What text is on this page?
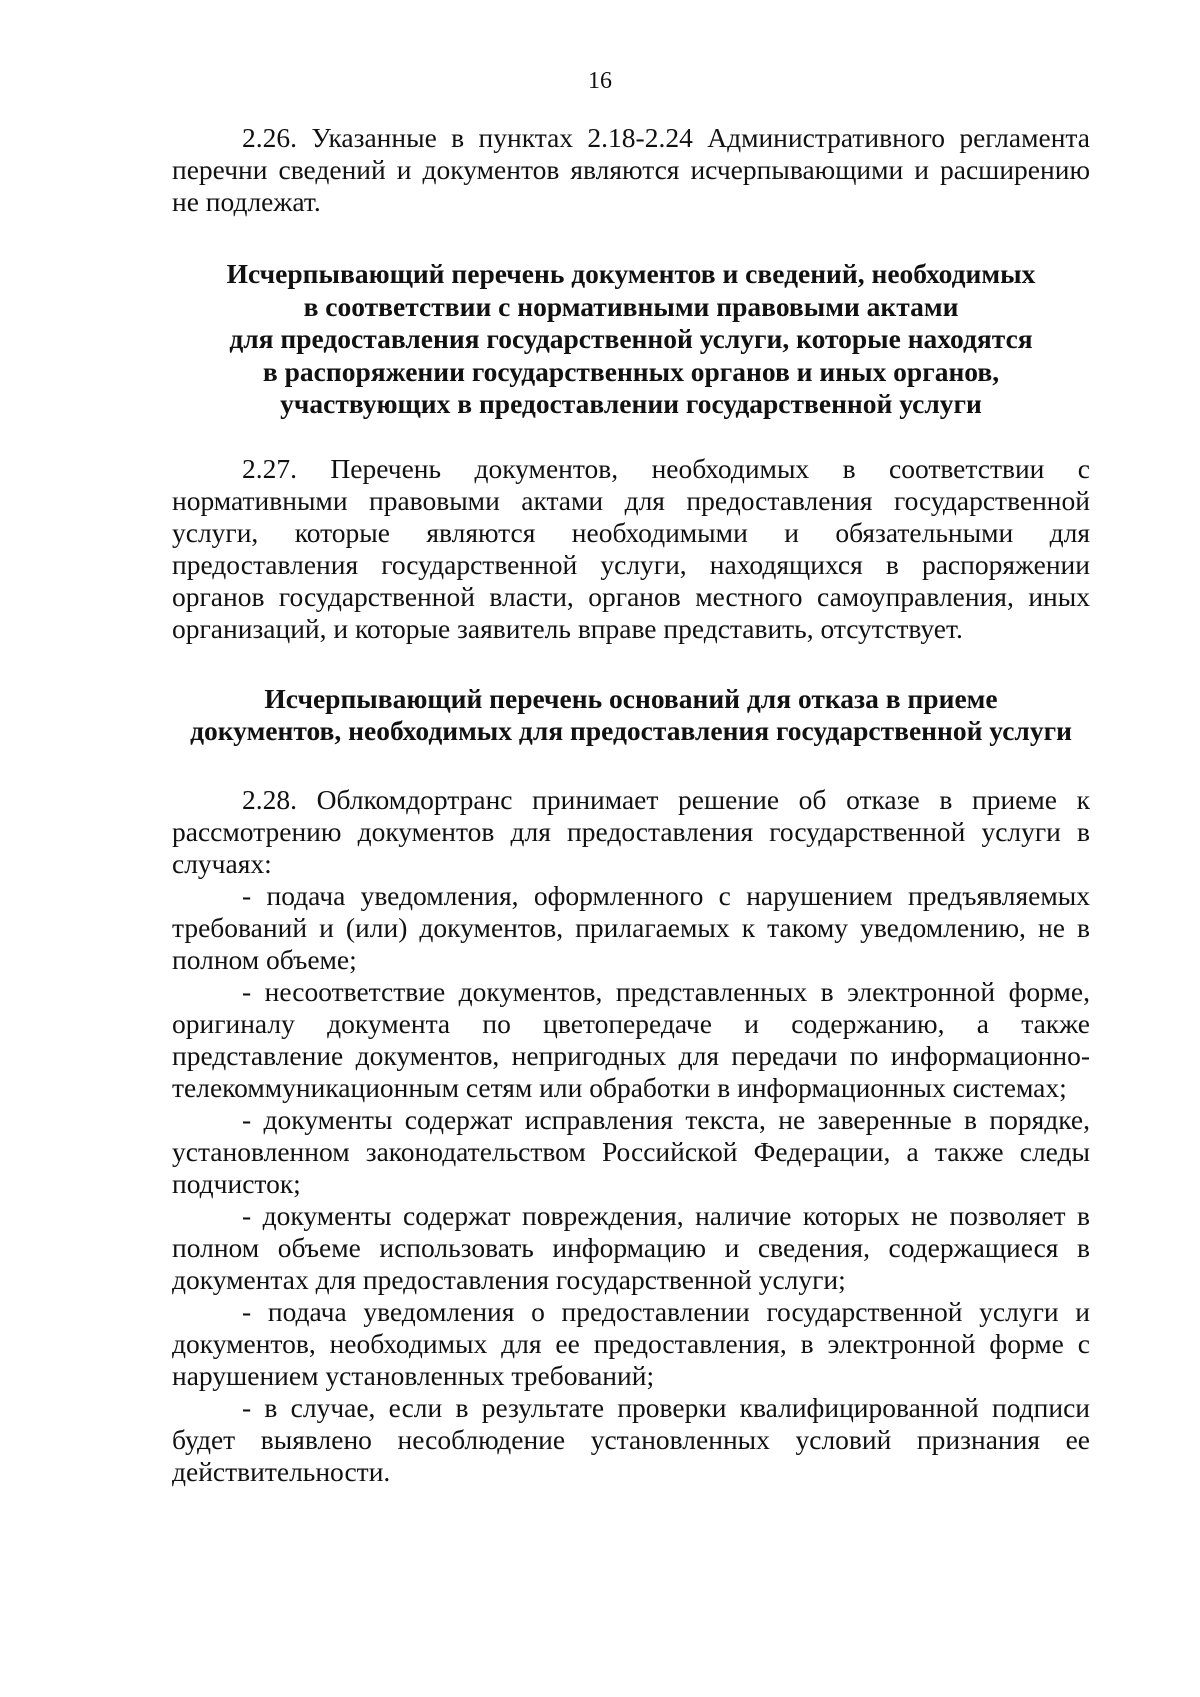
16

2.26. Указанные в пунктах 2.18-2.24 Административного регламента перечни сведений и документов являются исчерпывающими и расширению не подлежат.

Исчерпывающий перечень документов и сведений, необходимых
в соответствии с нормативными правовыми актами
для предоставления государственной услуги, которые находятся
в распоряжении государственных органов и иных органов,
участвующих в предоставлении государственной услуги

2.27. Перечень документов, необходимых в соответствии с нормативными правовыми актами для предоставления государственной услуги, которые являются необходимыми и обязательными для предоставления государственной услуги, находящихся в распоряжении органов государственной власти, органов местного самоуправления, иных организаций, и которые заявитель вправе представить, отсутствует.

Исчерпывающий перечень оснований для отказа в приеме
документов, необходимых для предоставления государственной услуги

2.28. Облкомдортранс принимает решение об отказе в приеме к рассмотрению документов для предоставления государственной услуги в случаях:

- подача уведомления, оформленного с нарушением предъявляемых требований и (или) документов, прилагаемых к такому уведомлению, не в полном объеме;

- несоответствие документов, представленных в электронной форме, оригиналу документа по цветопередаче и содержанию, а также представление документов, непригодных для передачи по информационно-телекоммуникационным сетям или обработки в информационных системах;

- документы содержат исправления текста, не заверенные в порядке, установленном законодательством Российской Федерации, а также следы подчисток;

- документы содержат повреждения, наличие которых не позволяет в полном объеме использовать информацию и сведения, содержащиеся в документах для предоставления государственной услуги;

- подача уведомления о предоставлении государственной услуги и документов, необходимых для ее предоставления, в электронной форме с нарушением установленных требований;

- в случае, если в результате проверки квалифицированной подписи будет выявлено несоблюдение установленных условий признания ее действительности.
